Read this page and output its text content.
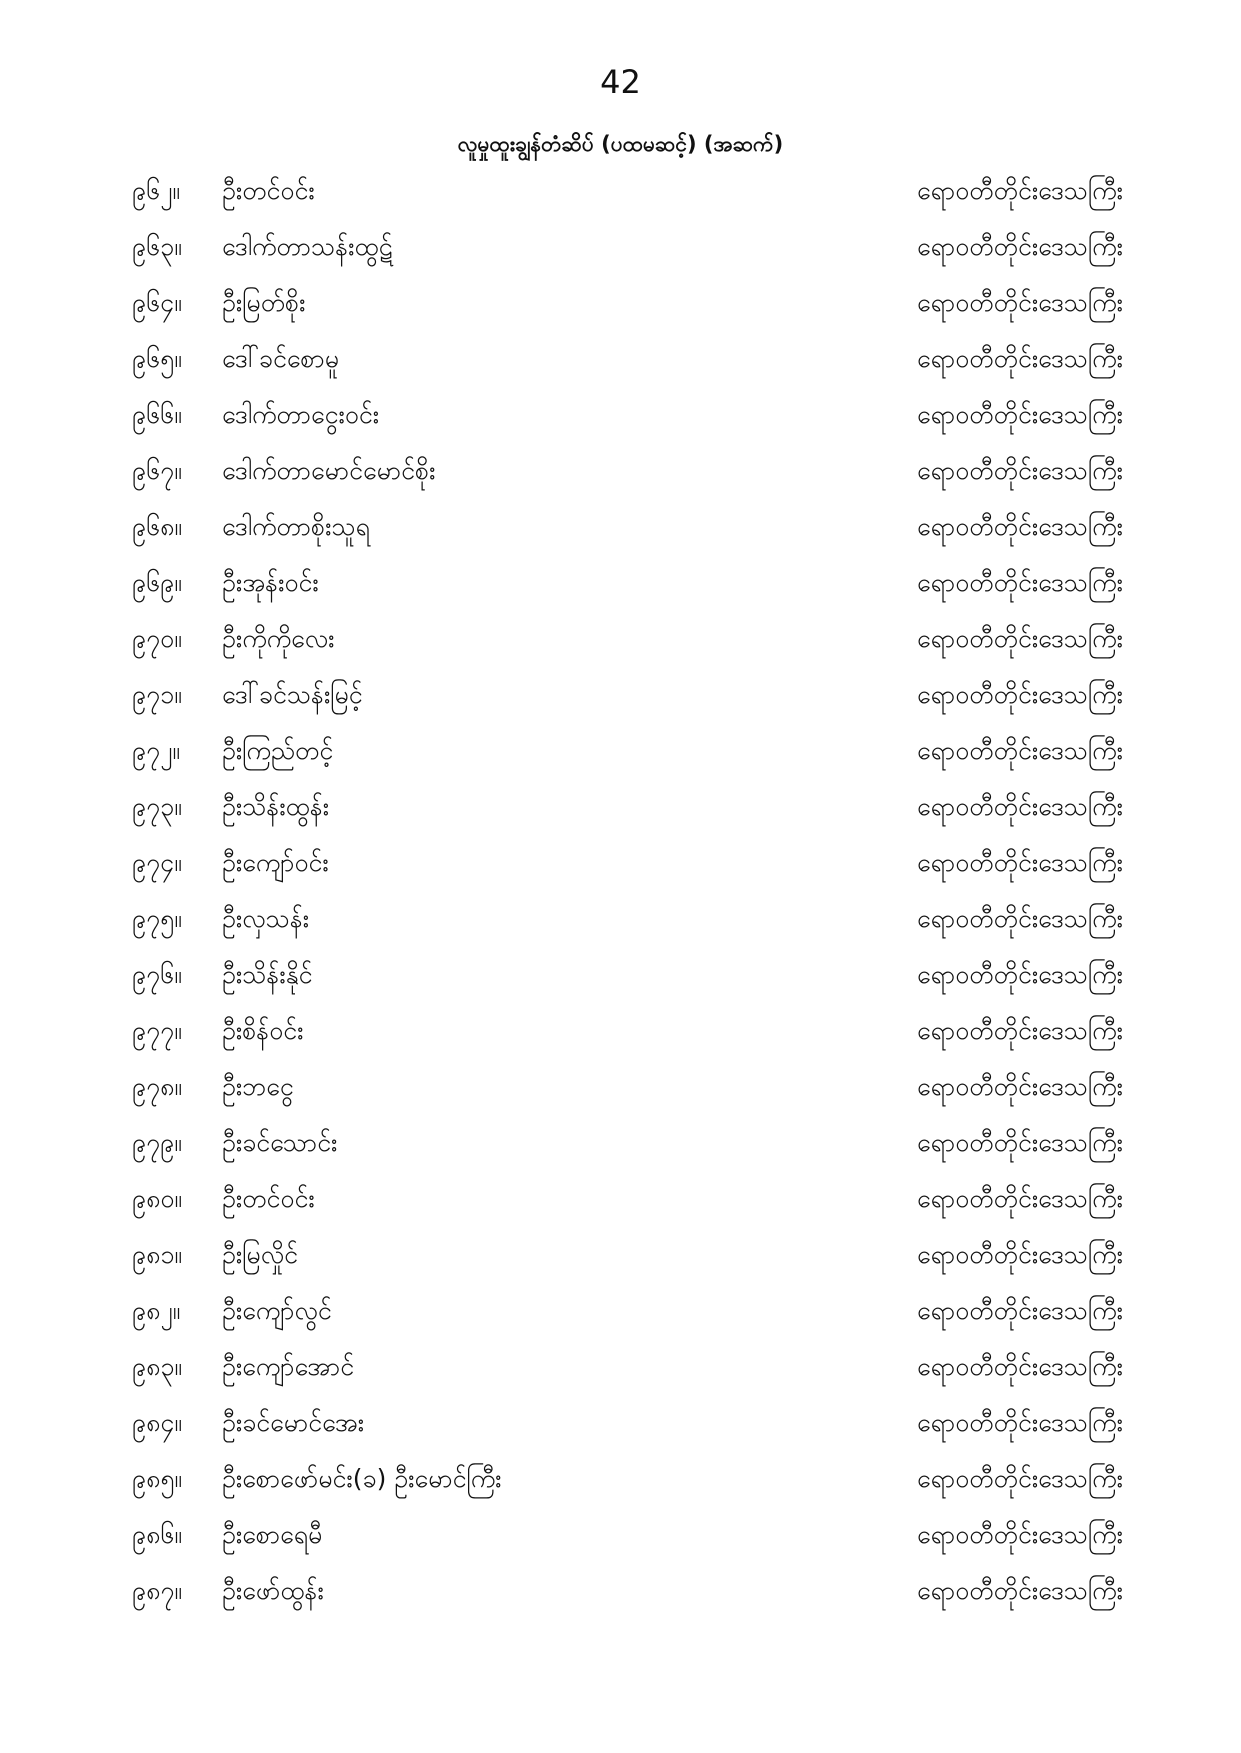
42
လူမှုထူးချွန်တံဆိပ် (ပထမဆင့်) (အဆက်)
၉၆၂။	ဦးတင်ဝင်း	ရောဝတီတိုင်းဒေသကြီး
၉၆၃။	ဒေါက်တာသန်းထွဋ်	ရောဝတီတိုင်းဒေသကြီး
၉၆၄။	ဦးမြတ်စိုး	ရောဝတီတိုင်းဒေသကြီး
၉၆၅။	ဒေါ်ခင်စောမူ	ရောဝတီတိုင်းဒေသကြီး
၉၆၆။	ဒေါက်တာငွေးဝင်း	ရောဝတီတိုင်းဒေသကြီး
၉၆၇။	ဒေါက်တာမောင်မောင်စိုး	ရောဝတီတိုင်းဒေသကြီး
၉၆၈။	ဒေါက်တာစိုးသူရ	ရောဝတီတိုင်းဒေသကြီး
၉၆၉။	ဦးအုန်းဝင်း	ရောဝတီတိုင်းဒေသကြီး
၉၇၀။	ဦးကိုကိုလေး	ရောဝတီတိုင်းဒေသကြီး
၉၇၁။	ဒေါ်ခင်သန်းမြင့်	ရောဝတီတိုင်းဒေသကြီး
၉၇၂။	ဦးကြည်တင့်	ရောဝတီတိုင်းဒေသကြီး
၉၇၃။	ဦးသိန်းထွန်း	ရောဝတီတိုင်းဒေသကြီး
၉၇၄။	ဦးကျော်ဝင်း	ရောဝတီတိုင်းဒေသကြီး
၉၇၅။	ဦးလှသန်း	ရောဝတီတိုင်းဒေသကြီး
၉၇၆။	ဦးသိန်းနိုင်	ရောဝတီတိုင်းဒေသကြီး
၉၇၇။	ဦးစိန်ဝင်း	ရောဝတီတိုင်းဒေသကြီး
၉၇၈။	ဦးဘငွေ	ရောဝတီတိုင်းဒေသကြီး
၉၇၉။	ဦးခင်သောင်း	ရောဝတီတိုင်းဒေသကြီး
၉၈၀။	ဦးတင်ဝင်း	ရောဝတီတိုင်းဒေသကြီး
၉၈၁။	ဦးမြလှိုင်	ရောဝတီတိုင်းဒေသကြီး
၉၈၂။	ဦးကျော်လွင်	ရောဝတီတိုင်းဒေသကြီး
၉၈၃။	ဦးကျော်အောင်	ရောဝတီတိုင်းဒေသကြီး
၉၈၄။	ဦးခင်မောင်အေး	ရောဝတီတိုင်းဒေသကြီး
၉၈၅။	ဦးစောဖော်မင်း(ခ) ဦးမောင်ကြီး	ရောဝတီတိုင်းဒေသကြီး
၉၈၆။	ဦးစောရေမီ	ရောဝတီတိုင်းဒေသကြီး
၉၈၇။	ဦးဖော်ထွန်း	ရောဝတီတိုင်းဒေသကြီး
